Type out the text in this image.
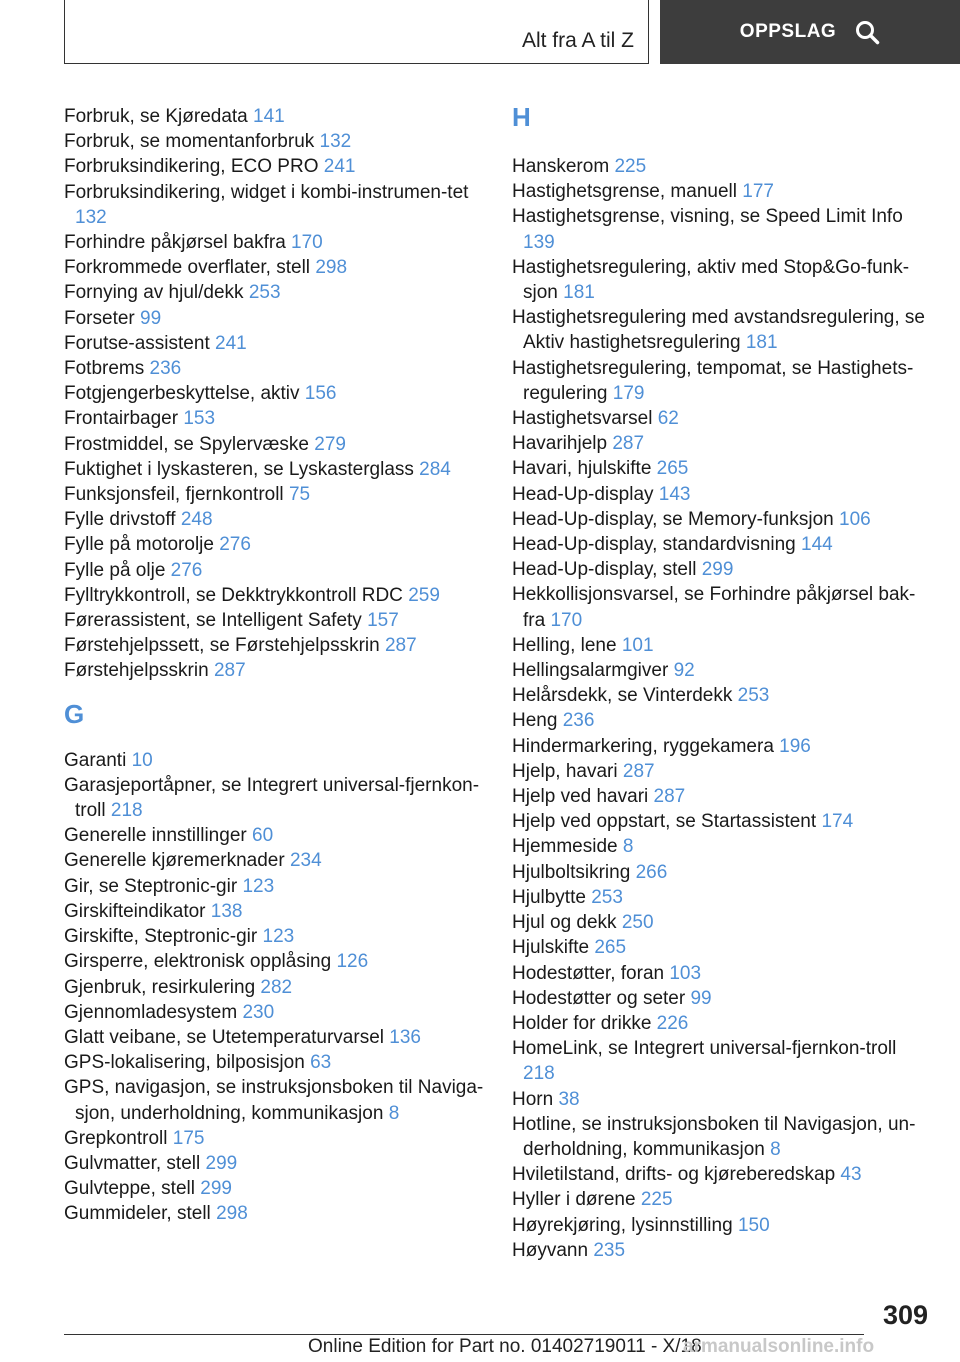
Alt fra A til Z	OPPSLAG
Forbruk, se Kjøredata 141
Forbruk, se momentanforbruk 132
Forbruksindikering, ECO PRO 241
Forbruksindikering, widget i kombi-instrumen‐tet 132
Forhindre påkjørsel bakfra 170
Forkrommede overflater, stell 298
Fornying av hjul/dekk 253
Forseter 99
Forutse-assistent 241
Fotbrems 236
Fotgjengerbeskyttelse, aktiv 156
Frontairbager 153
Frostmiddel, se Spylervæske 279
Fuktighet i lyskasteren, se Lyskasterglass 284
Funksjonsfeil, fjernkontroll 75
Fylle drivstoff 248
Fylle på motorolje 276
Fylle på olje 276
Fylltrykkontroll, se Dekktrykkontroll RDC 259
Førerassistent, se Intelligent Safety 157
Førstehjelpssett, se Førstehjelpsskrin 287
Førstehjelpsskrin 287
G
Garanti 10
Garasjeportåpner, se Integrert universal-fjernkon‐troll 218
Generelle innstillinger 60
Generelle kjøremerknader 234
Gir, se Steptronic-gir 123
Girskifteindikator 138
Girskifte, Steptronic-gir 123
Girsperre, elektronisk opplåsing 126
Gjenbruk, resirkulering 282
Gjennomladesystem 230
Glatt veibane, se Utetemperaturvarsel 136
GPS-lokalisering, bilposisjon 63
GPS, navigasjon, se instruksjonsboken til Naviga‐sjon, underholdning, kommunikasjon 8
Grepkontroll 175
Gulvmatter, stell 299
Gulvteppe, stell 299
Gummideler, stell 298
H
Hanskerom 225
Hastighetsgrense, manuell 177
Hastighetsgrense, visning, se Speed Limit Info 139
Hastighetsregulering, aktiv med Stop&Go-funk‐sjon 181
Hastighetsregulering med avstandsregulering, se Aktiv hastighetsregulering 181
Hastighetsregulering, tempomat, se Hastighets‐regulering 179
Hastighetsvarsel 62
Havarihjelp 287
Havari, hjulskifte 265
Head-Up-display 143
Head-Up-display, se Memory-funksjon 106
Head-Up-display, standardvisning 144
Head-Up-display, stell 299
Hekkollisjonsvarsel, se Forhindre påkjørsel bak‐fra 170
Helling, lene 101
Hellingsalarmgiver 92
Helårsdekk, se Vinterdekk 253
Heng 236
Hindermarkering, ryggekamera 196
Hjelp, havari 287
Hjelp ved havari 287
Hjelp ved oppstart, se Startassistent 174
Hjemmeside 8
Hjulboltsikring 266
Hjulbytte 253
Hjul og dekk 250
Hjulskifte 265
Hodestøtter, foran 103
Hodestøtter og seter 99
Holder for drikke 226
HomeLink, se Integrert universal-fjernkon‐troll 218
Horn 38
Hotline, se instruksjonsboken til Navigasjon, un‐derholdning, kommunikasjon 8
Hviletilstand, drifts- og kjøreberedskap 43
Hyller i dørene 225
Høyrekjøring, lysinnstilling 150
Høyvann 235
309
Online Edition for Part no. 01402719011 - X/18
armanualsonline.info
